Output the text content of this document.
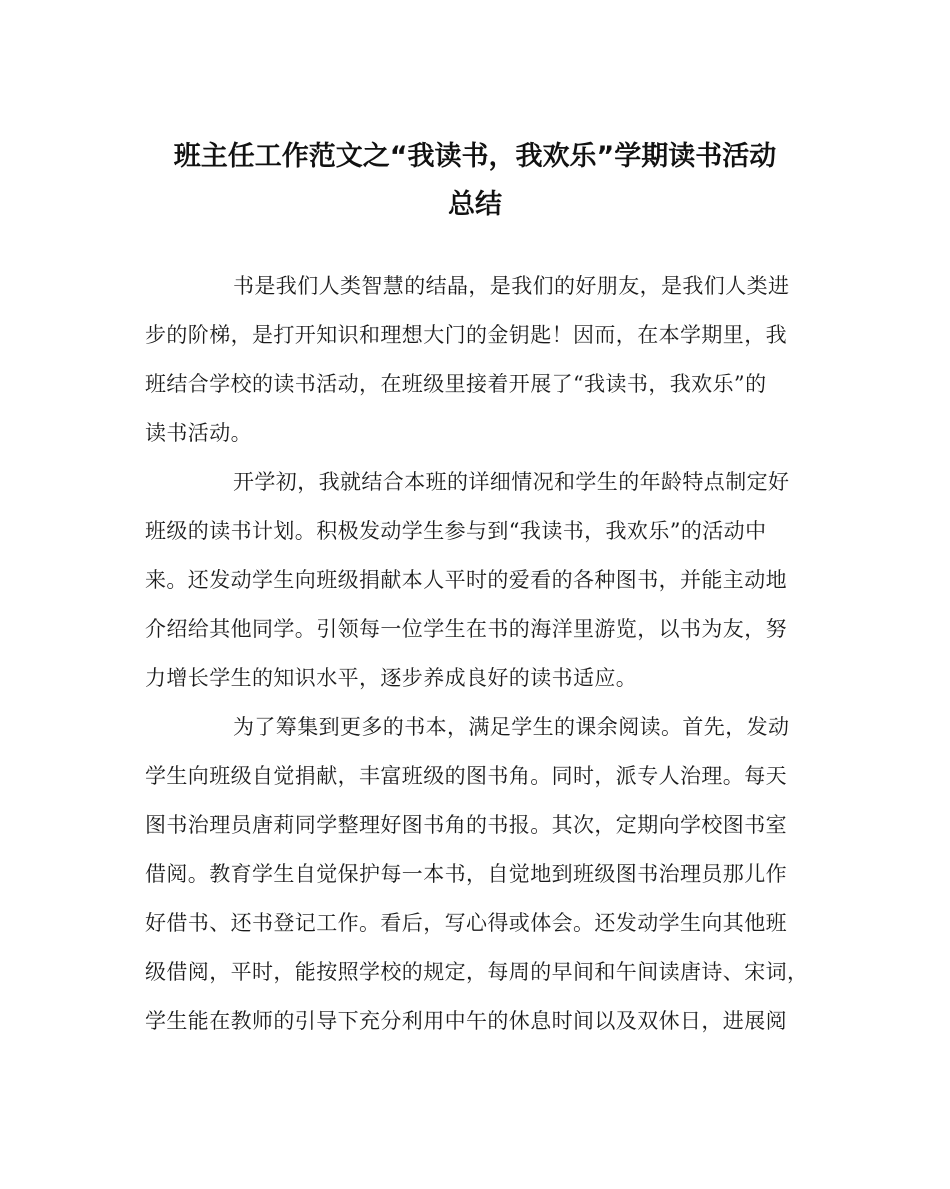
班主任工作范文之“我读书，我欢乐”学期读书活动
总结
书是我们人类智慧的结晶，是我们的好朋友，是我们人类进
步的阶梯，是打开知识和理想大门的金钥匙！因而，在本学期里，我
班结合学校的读书活动，在班级里接着开展了“我读书，我欢乐”的
读书活动。
开学初，我就结合本班的详细情况和学生的年龄特点制定好
班级的读书计划。积极发动学生参与到“我读书，我欢乐”的活动中
来。还发动学生向班级捐献本人平时的爱看的各种图书，并能主动地
介绍给其他同学。引领每一位学生在书的海洋里游览，以书为友，努
力增长学生的知识水平，逐步养成良好的读书适应。
为了筹集到更多的书本，满足学生的课余阅读。首先，发动
学生向班级自觉捐献，丰富班级的图书角。同时，派专人治理。每天
图书治理员唐莉同学整理好图书角的书报。其次，定期向学校图书室
借阅。教育学生自觉保护每一本书，自觉地到班级图书治理员那儿作
好借书、还书登记工作。看后，写心得或体会。还发动学生向其他班
级借阅，平时，能按照学校的规定，每周的早间和午间读唐诗、宋词，
学生能在教师的引导下充分利用中午的休息时间以及双休日，进展阅
